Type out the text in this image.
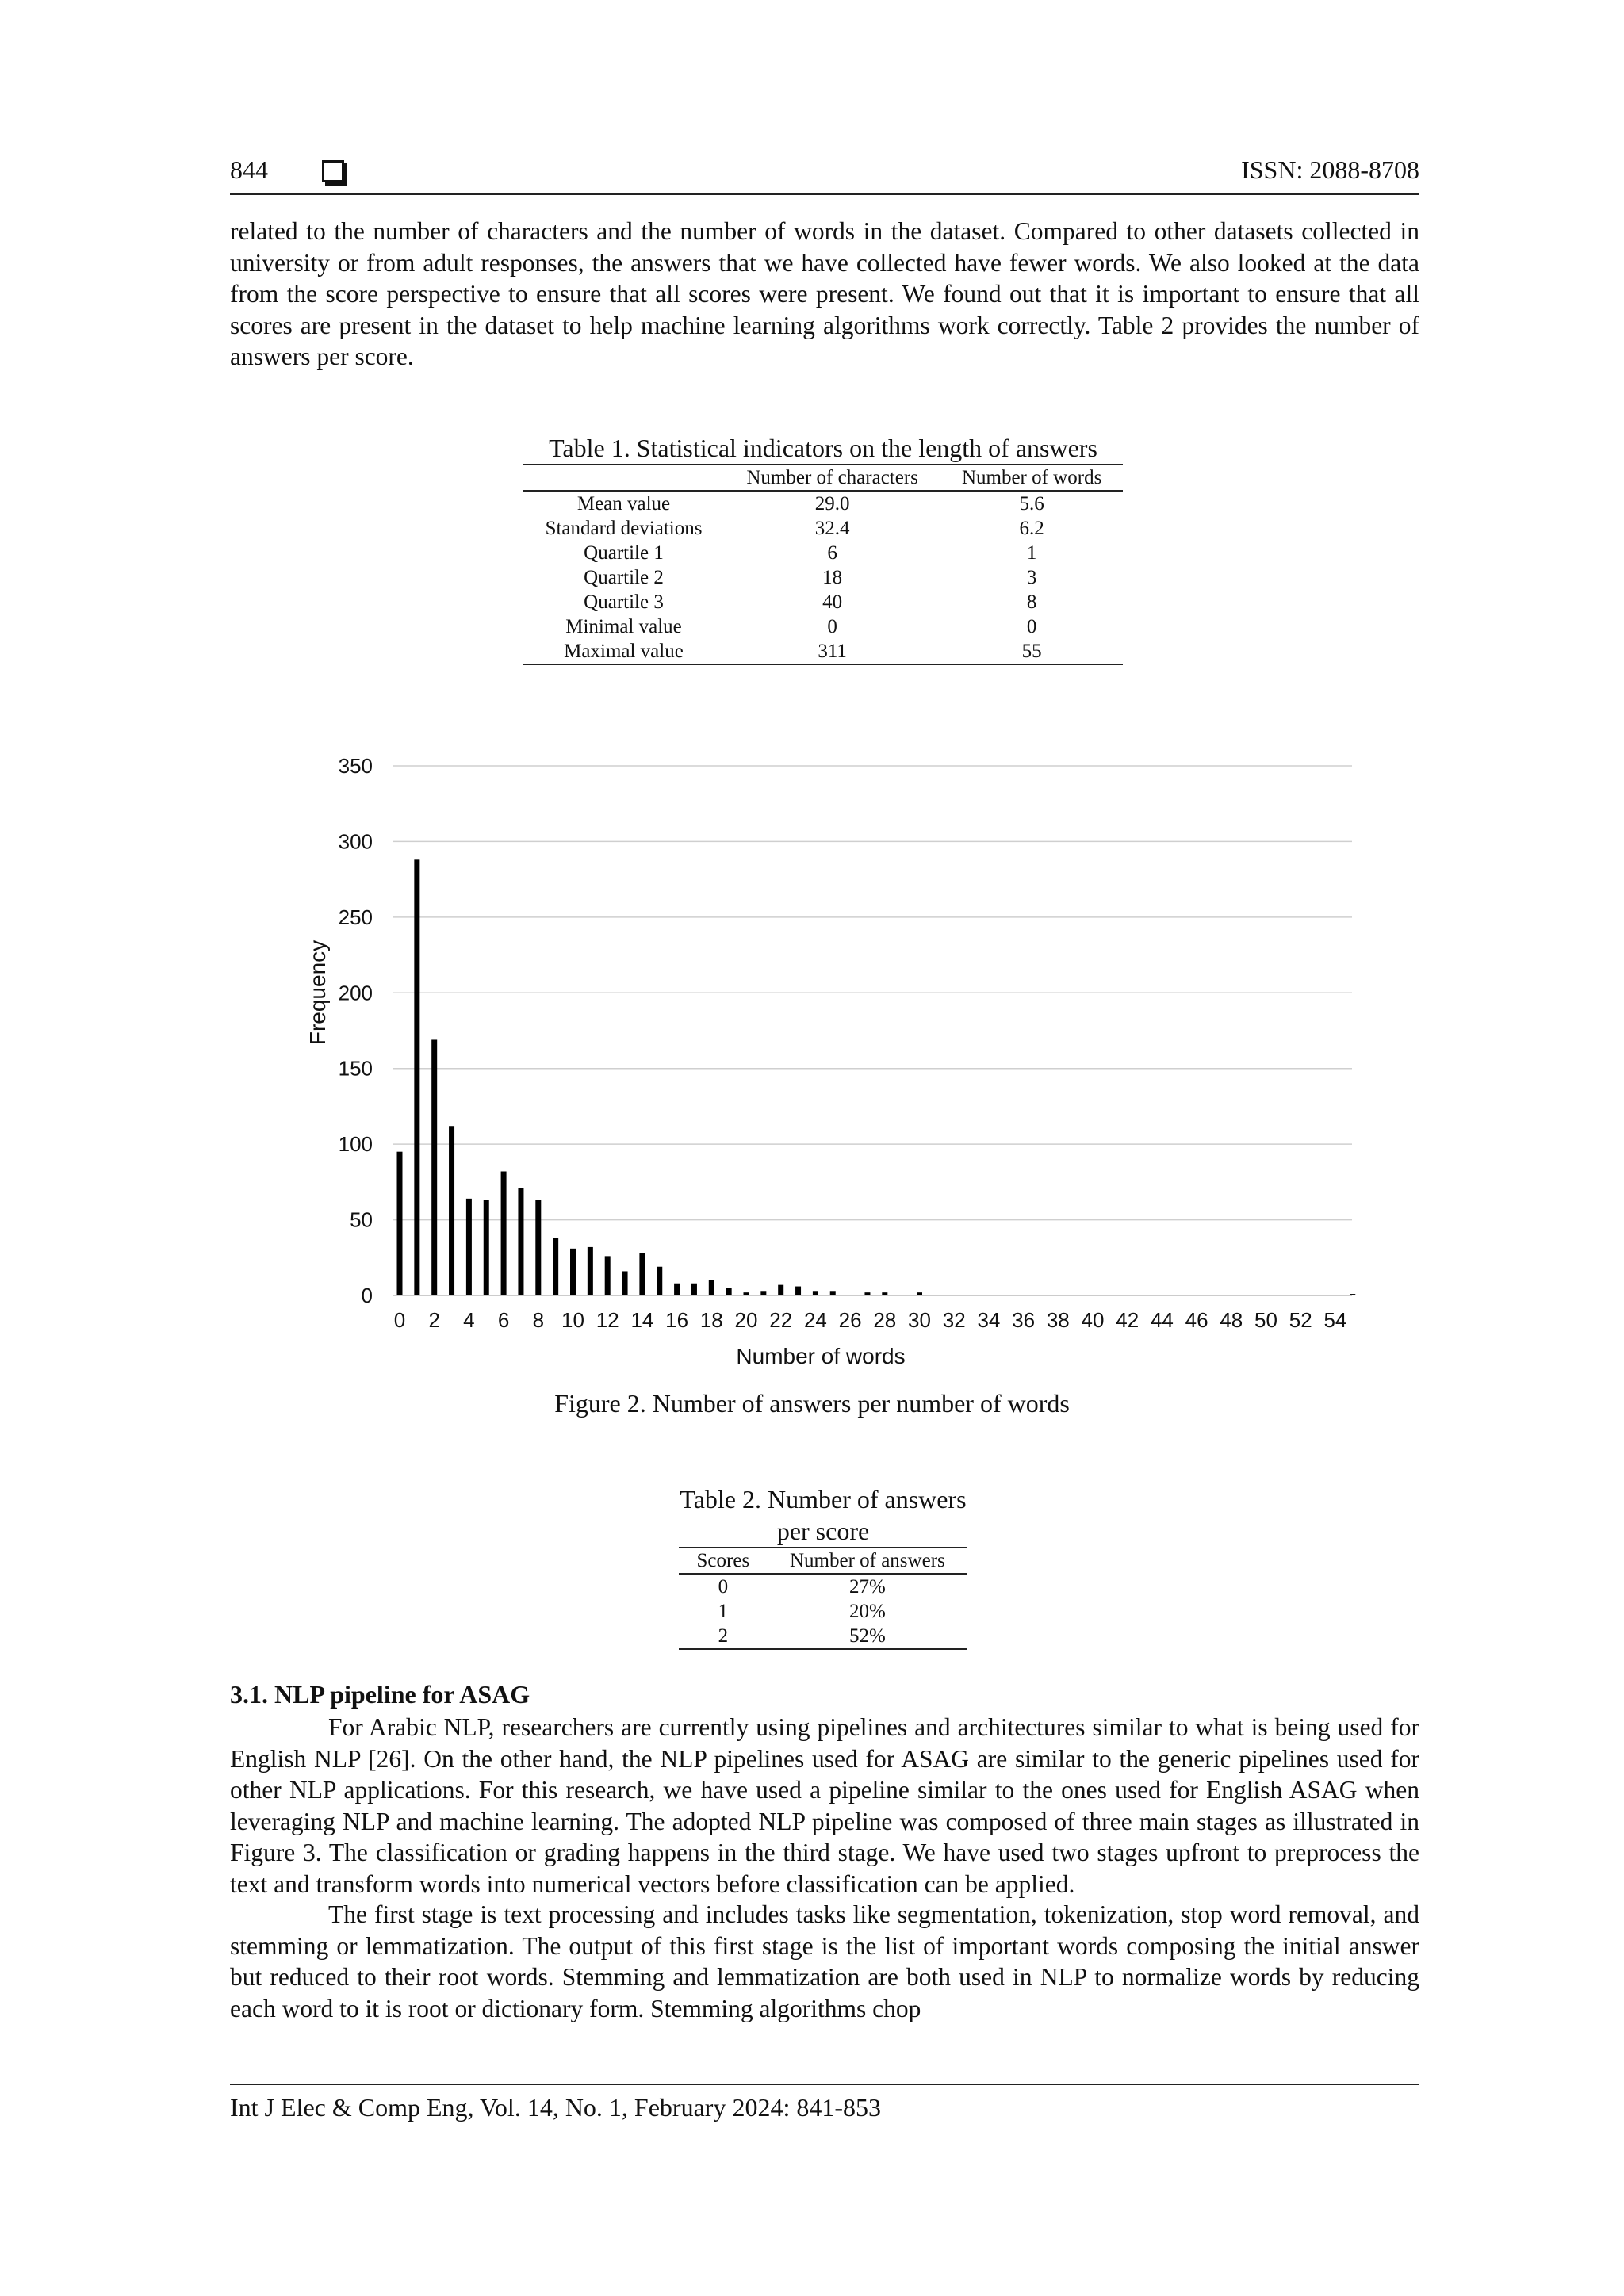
844	ISSN: 2088-8708

related to the number of characters and the number of words in the dataset. Compared to other datasets collected in university or from adult responses, the answers that we have collected have fewer words. We also looked at the data from the score perspective to ensure that all scores were present. We found out that it is important to ensure that all scores are present in the dataset to help machine learning algorithms work correctly. Table 2 provides the number of answers per score.

Table 1. Statistical indicators on the length of answers
	Number of characters	Number of words
Mean value	29.0	5.6
Standard deviations	32.4	6.2
Quartile 1	6	1
Quartile 2	18	3
Quartile 3	40	8
Minimal value	0	0
Maximal value	311	55
0
50
100
150
200
250
300
350
0 2 4 6 8 10 12 14 16 18 20 22 24 26 28 30 32 34 36 38 40 42 44 46 48 50 52 54
Frequency
Number of words
Figure 2. Number of answers per number of words
Table 2. Number of answers per score
Scores	Number of answers
0	27%
1	20%
2	52%
3.1. NLP pipeline for ASAG

For Arabic NLP, researchers are currently using pipelines and architectures similar to what is being used for English NLP [26]. On the other hand, the NLP pipelines used for ASAG are similar to the generic pipelines used for other NLP applications. For this research, we have used a pipeline similar to the ones used for English ASAG when leveraging NLP and machine learning. The adopted NLP pipeline was composed of three main stages as illustrated in Figure 3. The classification or grading happens in the third stage. We have used two stages upfront to preprocess the text and transform words into numerical vectors before classification can be applied.

The first stage is text processing and includes tasks like segmentation, tokenization, stop word removal, and stemming or lemmatization. The output of this first stage is the list of important words composing the initial answer but reduced to their root words. Stemming and lemmatization are both used in NLP to normalize words by reducing each word to it is root or dictionary form. Stemming algorithms chop

Int J Elec & Comp Eng, Vol. 14, No. 1, February 2024: 841-853
